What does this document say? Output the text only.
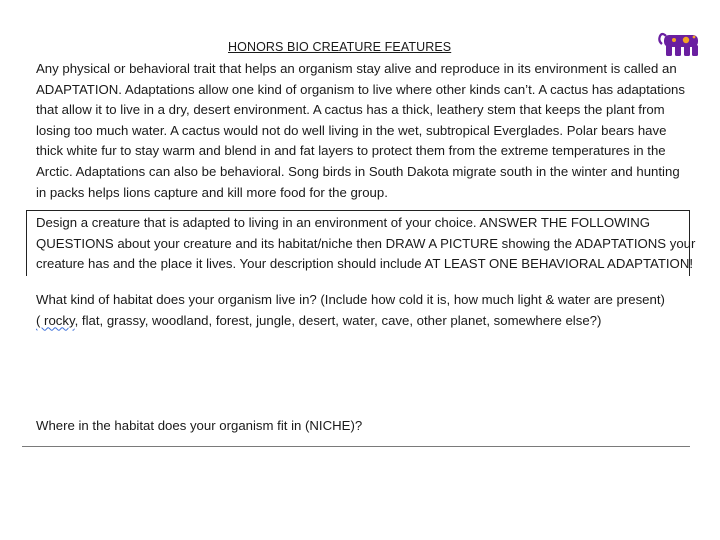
HONORS BIO CREATURE FEATURES
Any physical or behavioral trait that helps an organism stay alive and reproduce in its environment is called an
ADAPTATION. Adaptations allow one kind of organism to live where other kinds can’t. A cactus has adaptations
that allow it to live in a dry, desert environment. A cactus has a thick, leathery stem that keeps the plant from
losing too much water. A cactus would not do well living in the wet, subtropical Everglades. Polar bears have
thick white fur to stay warm and blend in and fat layers to protect them from the extreme temperatures in the
Arctic. Adaptations can also be behavioral. Song birds in South Dakota migrate south in the winter and hunting
in packs helps lions capture and kill more food for the group.
Design a creature that is adapted to living in an environment of your choice. ANSWER THE FOLLOWING
QUESTIONS about your creature and its habitat/niche then DRAW A PICTURE showing the ADAPTATIONS your
creature has and the place it lives. Your description should include AT LEAST ONE BEHAVIORAL ADAPTATION!
What kind of habitat does your organism live in? (Include how cold it is, how much light & water are present)
( rocky, flat, grassy, woodland, forest, jungle, desert, water, cave, other planet, somewhere else?)
Where in the habitat does your organism fit in (NICHE)?
